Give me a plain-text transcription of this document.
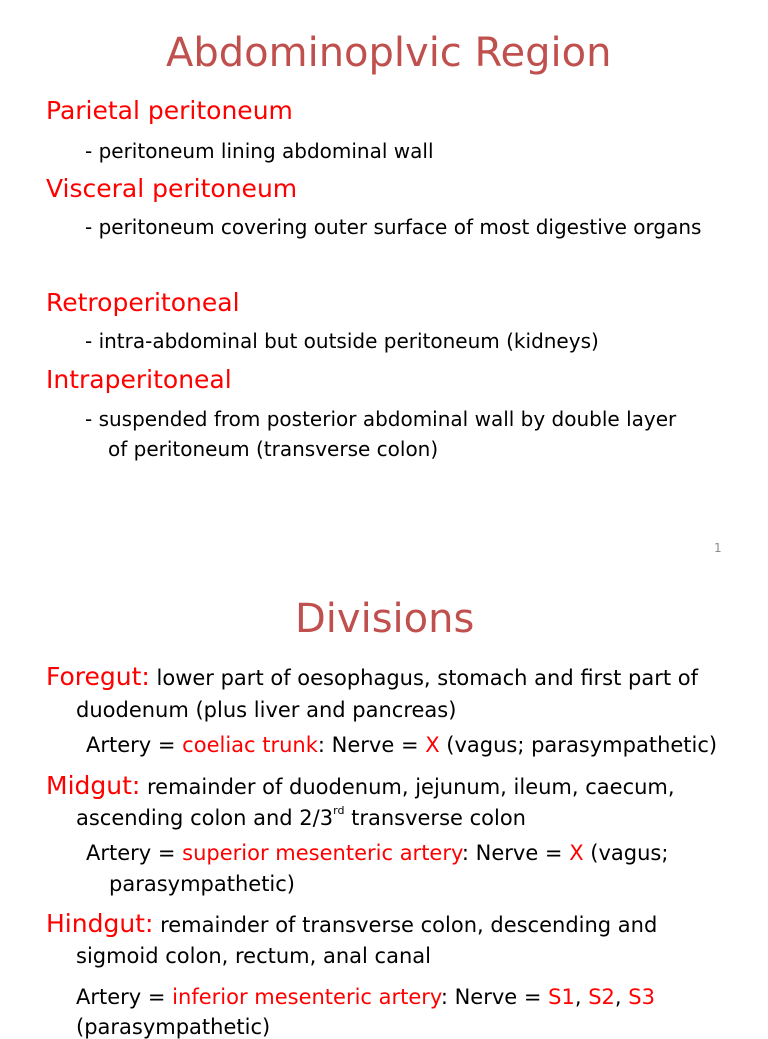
Abdominoplvic Region
Parietal peritoneum
- peritoneum lining abdominal wall
Visceral peritoneum
- peritoneum covering outer surface of most digestive organs
Retroperitoneal
- intra-abdominal but outside peritoneum (kidneys)
Intraperitoneal
- suspended from posterior abdominal wall by double layer
of peritoneum (transverse colon)
1
Divisions
Foregut: lower part of oesophagus, stomach and first part of
duodenum (plus liver and pancreas)
Artery = coeliac trunk: Nerve = X (vagus; parasympathetic)
Midgut: remainder of duodenum, jejunum, ileum, caecum,
ascending colon and 2/3rd transverse colon
Artery = superior mesenteric artery: Nerve = X (vagus;
parasympathetic)
Hindgut: remainder of transverse colon, descending and
sigmoid colon, rectum, anal canal
Artery = inferior mesenteric artery: Nerve = S1, S2, S3
(parasympathetic)
